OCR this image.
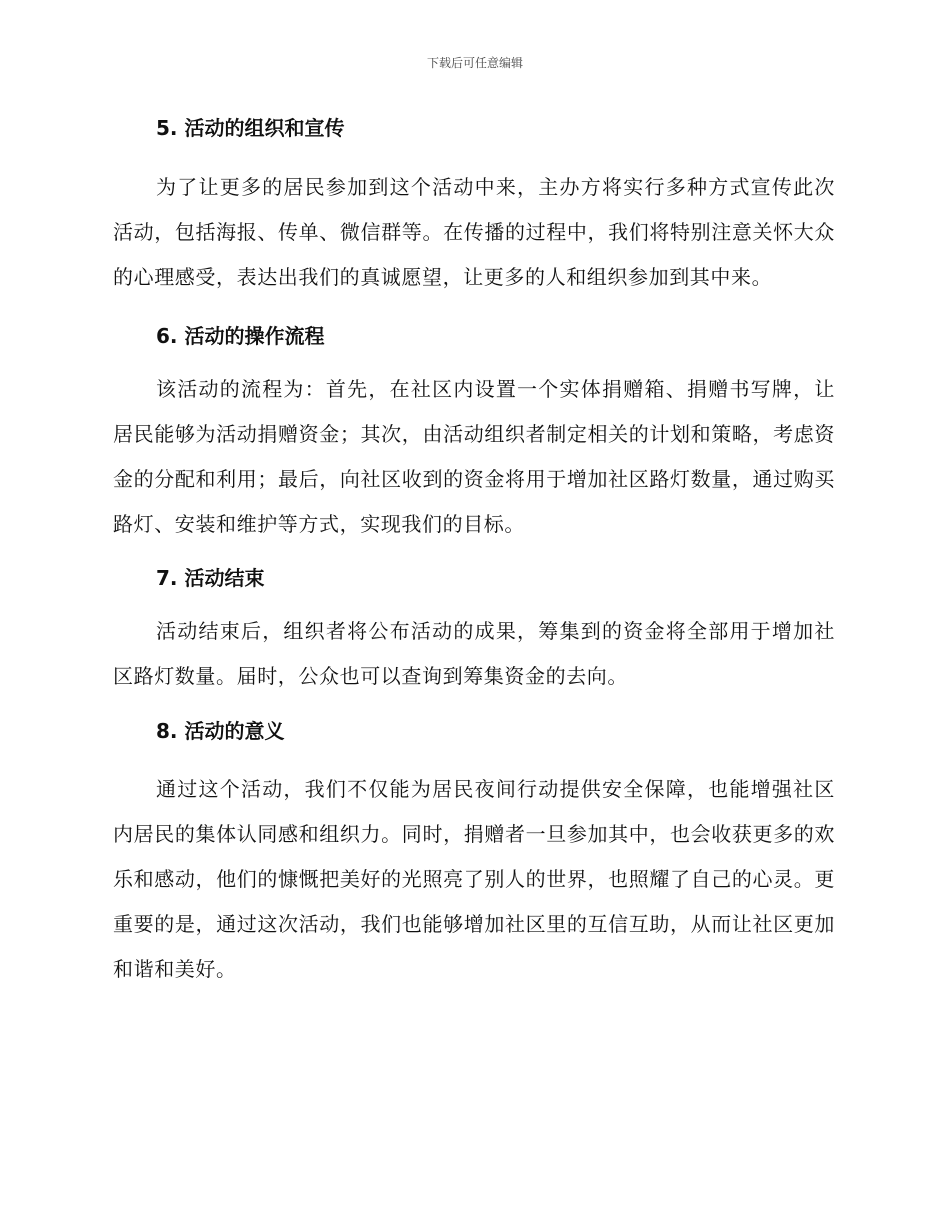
下载后可任意编辑
5. 活动的组织和宣传

为了让更多的居民参加到这个活动中来，主办方将实行多种方式宣传此次活动，包括海报、传单、微信群等。在传播的过程中，我们将特别注意关怀大众的心理感受，表达出我们的真诚愿望，让更多的人和组织参加到其中来。

6. 活动的操作流程

该活动的流程为：首先，在社区内设置一个实体捐赠箱、捐赠书写牌，让居民能够为活动捐赠资金；其次，由活动组织者制定相关的计划和策略，考虑资金的分配和利用；最后，向社区收到的资金将用于增加社区路灯数量，通过购买路灯、安装和维护等方式，实现我们的目标。

7. 活动结束

活动结束后，组织者将公布活动的成果，筹集到的资金将全部用于增加社区路灯数量。届时，公众也可以查询到筹集资金的去向。

8. 活动的意义

通过这个活动，我们不仅能为居民夜间行动提供安全保障，也能增强社区内居民的集体认同感和组织力。同时，捐赠者一旦参加其中，也会收获更多的欢乐和感动，他们的慷慨把美好的光照亮了别人的世界，也照耀了自己的心灵。更重要的是，通过这次活动，我们也能够增加社区里的互信互助，从而让社区更加和谐和美好。
